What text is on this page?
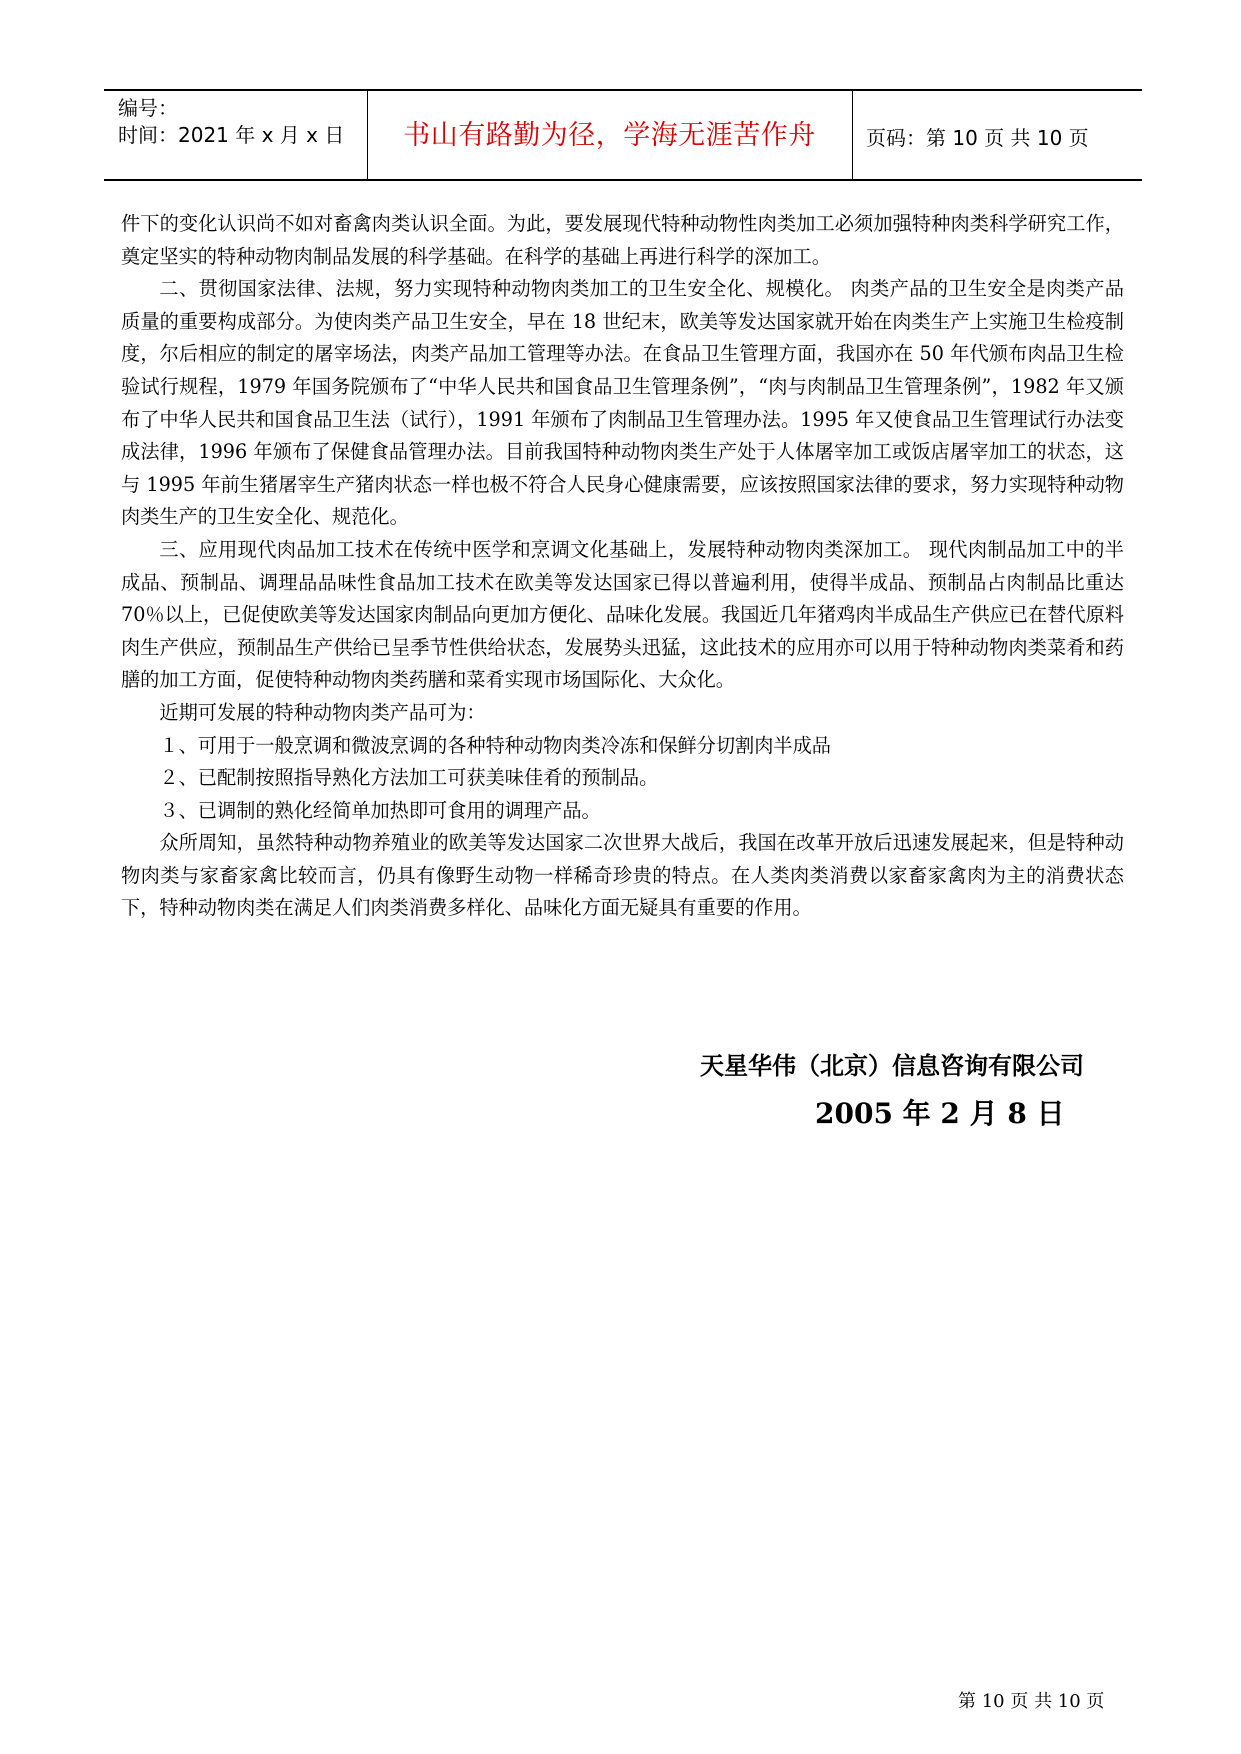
编号：
时间：2021 年 x 月 x 日	书山有路勤为径，学海无涯苦作舟	页码：第 10 页 共 10 页

件下的变化认识尚不如对畜禽肉类认识全面。为此，要发展现代特种动物性肉类加工必须加强特种肉类科学研究工作，奠定坚实的特种动物肉制品发展的科学基础。在科学的基础上再进行科学的深加工。

二、贯彻国家法律、法规，努力实现特种动物肉类加工的卫生安全化、规模化。 肉类产品的卫生安全是肉类产品质量的重要构成部分。为使肉类产品卫生安全，早在 18 世纪末，欧美等发达国家就开始在肉类生产上实施卫生检疫制度，尔后相应的制定的屠宰场法，肉类产品加工管理等办法。在食品卫生管理方面，我国亦在 50 年代颁布肉品卫生检验试行规程，1979 年国务院颁布了“中华人民共和国食品卫生管理条例”，“肉与肉制品卫生管理条例”，1982 年又颁布了中华人民共和国食品卫生法（试行），1991 年颁布了肉制品卫生管理办法。1995 年又使食品卫生管理试行办法变成法律，1996 年颁布了保健食品管理办法。目前我国特种动物肉类生产处于人体屠宰加工或饭店屠宰加工的状态，这与 1995 年前生猪屠宰生产猪肉状态一样也极不符合人民身心健康需要，应该按照国家法律的要求，努力实现特种动物肉类生产的卫生安全化、规范化。

三、应用现代肉品加工技术在传统中医学和烹调文化基础上，发展特种动物肉类深加工。 现代肉制品加工中的半成品、预制品、调理品品味性食品加工技术在欧美等发达国家已得以普遍利用，使得半成品、预制品占肉制品比重达 70％以上，已促使欧美等发达国家肉制品向更加方便化、品味化发展。我国近几年猪鸡肉半成品生产供应已在替代原料肉生产供应，预制品生产供给已呈季节性供给状态，发展势头迅猛，这此技术的应用亦可以用于特种动物肉类菜肴和药膳的加工方面，促使特种动物肉类药膳和菜肴实现市场国际化、大众化。

近期可发展的特种动物肉类产品可为：

１、可用于一般烹调和微波烹调的各种特种动物肉类冷冻和保鲜分切割肉半成品

２、已配制按照指导熟化方法加工可获美味佳肴的预制品。

３、已调制的熟化经简单加热即可食用的调理产品。

众所周知，虽然特种动物养殖业的欧美等发达国家二次世界大战后，我国在改革开放后迅速发展起来，但是特种动物肉类与家畜家禽比较而言，仍具有像野生动物一样稀奇珍贵的特点。在人类肉类消费以家畜家禽肉为主的消费状态下，特种动物肉类在满足人们肉类消费多样化、品味化方面无疑具有重要的作用。

天星华伟（北京）信息咨询有限公司
2005 年 2 月 8 日
第 10 页 共 10 页
